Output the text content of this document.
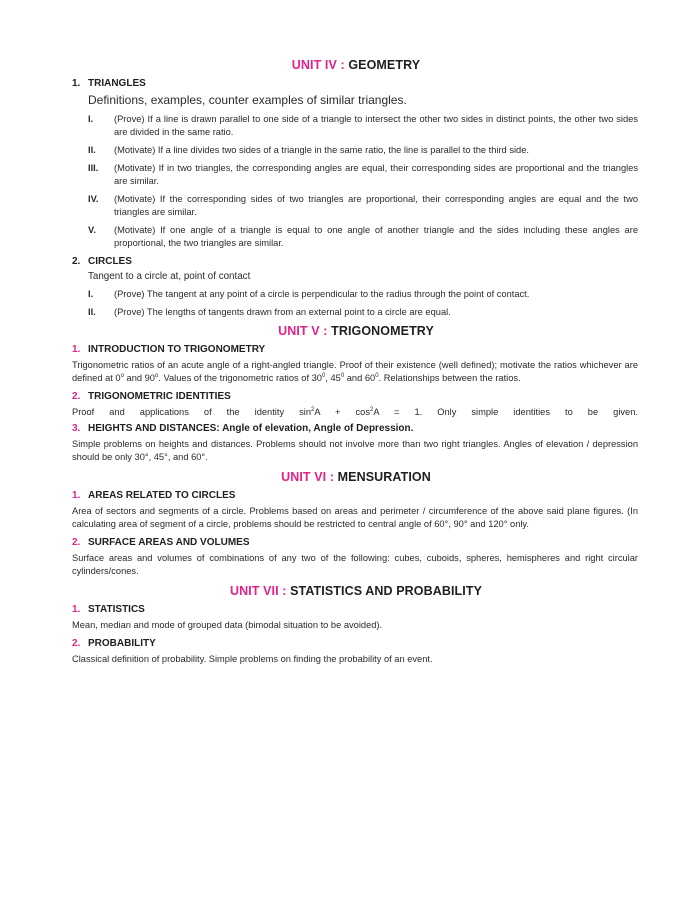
UNIT IV : GEOMETRY
1. TRIANGLES
Definitions, examples, counter examples of similar triangles.
I.	(Prove) If a line is drawn parallel to one side of a triangle to intersect the other two sides in distinct points, the other two sides are divided in the same ratio.
II.	(Motivate) If a line divides two sides of a triangle in the same ratio, the line is parallel to the third side.
III.	(Motivate) If in two triangles, the corresponding angles are equal, their corresponding sides are proportional and the triangles are similar.
IV.	(Motivate) If the corresponding sides of two triangles are proportional, their corresponding angles are equal and the two triangles are similar.
V.	(Motivate) If one angle of a triangle is equal to one angle of another triangle and the sides including these angles are proportional, the two triangles are similar.
2. CIRCLES
Tangent to a circle at, point of contact
I.	(Prove) The tangent at any point of a circle is perpendicular to the radius through the point of contact.
II.	(Prove) The lengths of tangents drawn from an external point to a circle are equal.
UNIT V : TRIGONOMETRY
1. INTRODUCTION TO TRIGONOMETRY
Trigonometric ratios of an acute angle of a right-angled triangle. Proof of their existence (well defined); motivate the ratios whichever are defined at 0$^o$ and 90$^o$. Values of the trigonometric ratios of $30^0$, $45^0$ and $60^0$. Relationships between the ratios.
2. TRIGONOMETRIC IDENTITIES
Proof and applications of the identity $\sin^2A + \cos^2A = 1$. Only simple identities to be given.
3. HEIGHTS AND DISTANCES: Angle of elevation, Angle of Depression.
Simple problems on heights and distances. Problems should not involve more than two right triangles. Angles of elevation / depression should be only 30°, 45°, and 60°.
UNIT VI : MENSURATION
1. AREAS RELATED TO CIRCLES
Area of sectors and segments of a circle. Problems based on areas and perimeter / circumference of the above said plane figures. (In calculating area of segment of a circle, problems should be restricted to central angle of 60°, 90° and 120° only.
2. SURFACE AREAS AND VOLUMES
Surface areas and volumes of combinations of any two of the following: cubes, cuboids, spheres, hemispheres and right circular cylinders/cones.
UNIT VII : STATISTICS AND PROBABILITY
1. STATISTICS
Mean, median and mode of grouped data (bimodal situation to be avoided).
2. PROBABILITY
Classical definition of probability. Simple problems on finding the probability of an event.
